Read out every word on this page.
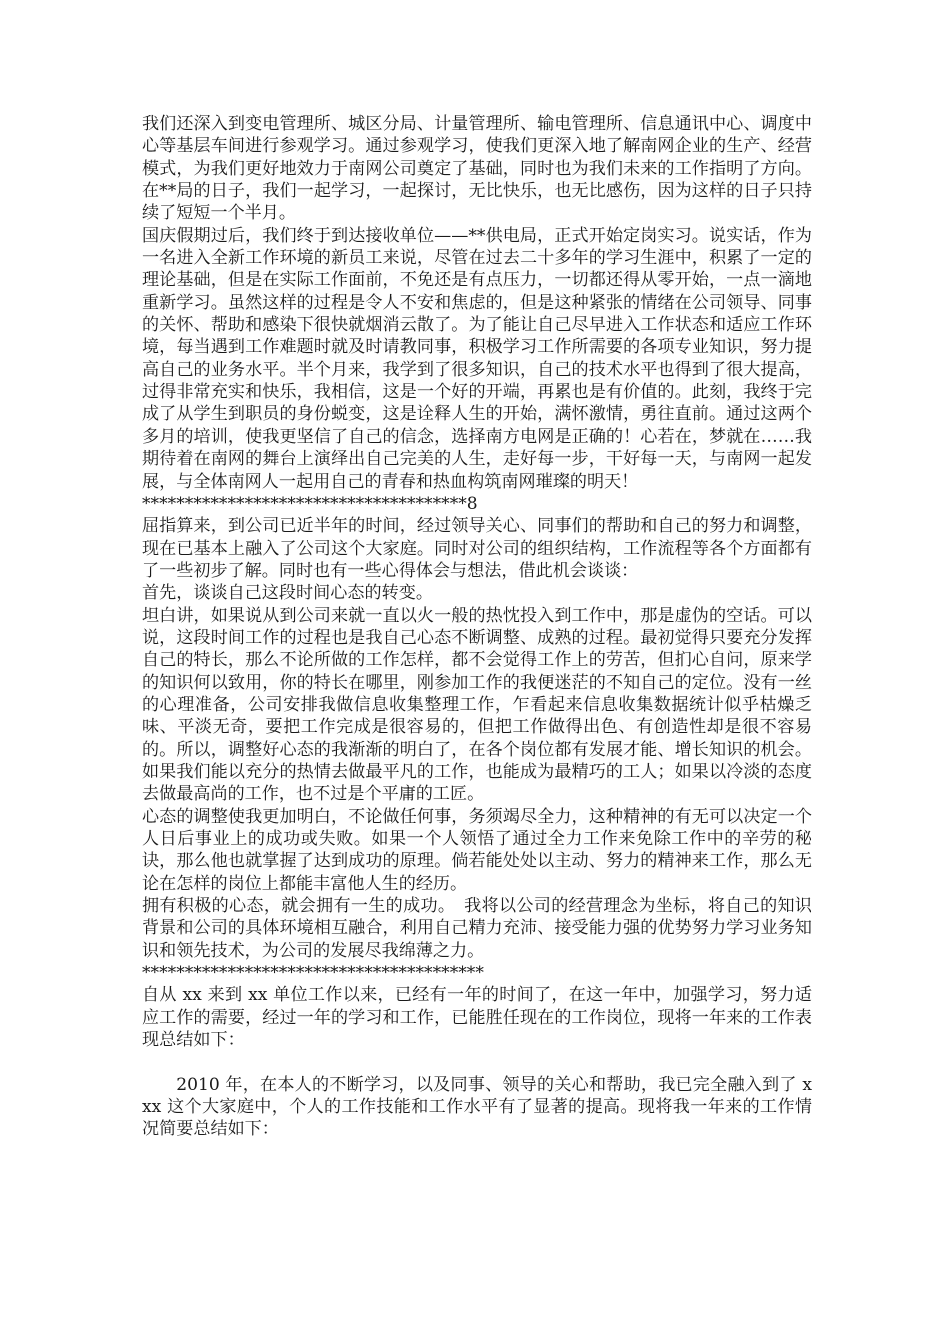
我们还深入到变电管理所、城区分局、计量管理所、输电管理所、信息通讯中心、调度中心等基层车间进行参观学习。通过参观学习，使我们更深入地了解南网企业的生产、经营模式，为我们更好地效力于南网公司奠定了基础，同时也为我们未来的工作指明了方向。在**局的日子，我们一起学习，一起探讨，无比快乐，也无比感伤，因为这样的日子只持续了短短一个半月。

国庆假期过后，我们终于到达接收单位——**供电局，正式开始定岗实习。说实话，作为一名进入全新工作环境的新员工来说，尽管在过去二十多年的学习生涯中，积累了一定的理论基础，但是在实际工作面前，不免还是有点压力，一切都还得从零开始，一点一滴地重新学习。虽然这样的过程是令人不安和焦虑的，但是这种紧张的情绪在公司领导、同事的关怀、帮助和感染下很快就烟消云散了。为了能让自己尽早进入工作状态和适应工作环境，每当遇到工作难题时就及时请教同事，积极学习工作所需要的各项专业知识，努力提高自己的业务水平。半个月来，我学到了很多知识，自己的技术水平也得到了很大提高，过得非常充实和快乐，我相信，这是一个好的开端，再累也是有价值的。此刻，我终于完成了从学生到职员的身份蜕变，这是诠释人生的开始，满怀激情，勇往直前。通过这两个多月的培训，使我更坚信了自己的信念，选择南方电网是正确的！心若在，梦就在……我期待着在南网的舞台上演绎出自己完美的人生，走好每一步，干好每一天，与南网一起发展，与全体南网人一起用自己的青春和热血构筑南网璀璨的明天！

**************************************8

屈指算来，到公司已近半年的时间，经过领导关心、同事们的帮助和自己的努力和调整，现在已基本上融入了公司这个大家庭。同时对公司的组织结构，工作流程等各个方面都有了一些初步了解。同时也有一些心得体会与想法，借此机会谈谈：

首先，谈谈自己这段时间心态的转变。

坦白讲，如果说从到公司来就一直以火一般的热忱投入到工作中，那是虚伪的空话。可以说，这段时间工作的过程也是我自己心态不断调整、成熟的过程。最初觉得只要充分发挥自己的特长，那么不论所做的工作怎样，都不会觉得工作上的劳苦，但扪心自问，原来学的知识何以致用，你的特长在哪里，刚参加工作的我便迷茫的不知自己的定位。没有一丝的心理准备，公司安排我做信息收集整理工作，乍看起来信息收集数据统计似乎枯燥乏味、平淡无奇，要把工作完成是很容易的，但把工作做得出色、有创造性却是很不容易的。所以，调整好心态的我渐渐的明白了，在各个岗位都有发展才能、增长知识的机会。如果我们能以充分的热情去做最平凡的工作，也能成为最精巧的工人；如果以冷淡的态度去做最高尚的工作，也不过是个平庸的工匠。

心态的调整使我更加明白，不论做任何事，务须竭尽全力，这种精神的有无可以决定一个人日后事业上的成功或失败。如果一个人领悟了通过全力工作来免除工作中的辛劳的秘诀，那么他也就掌握了达到成功的原理。倘若能处处以主动、努力的精神来工作，那么无论在怎样的岗位上都能丰富他人生的经历。

拥有积极的心态，就会拥有一生的成功。　我将以公司的经营理念为坐标，将自己的知识背景和公司的具体环境相互融合，利用自己精力充沛、接受能力强的优势努力学习业务知识和领先技术，为公司的发展尽我绵薄之力。

****************************************

自从 xx 来到 xx 单位工作以来，已经有一年的时间了，在这一年中，加强学习，努力适应工作的需要，经过一年的学习和工作，已能胜任现在的工作岗位，现将一年来的工作表现总结如下：

2010 年，在本人的不断学习，以及同事、领导的关心和帮助，我已完全融入到了 xxx 这个大家庭中，个人的工作技能和工作水平有了显著的提高。现将我一年来的工作情况简要总结如下：
